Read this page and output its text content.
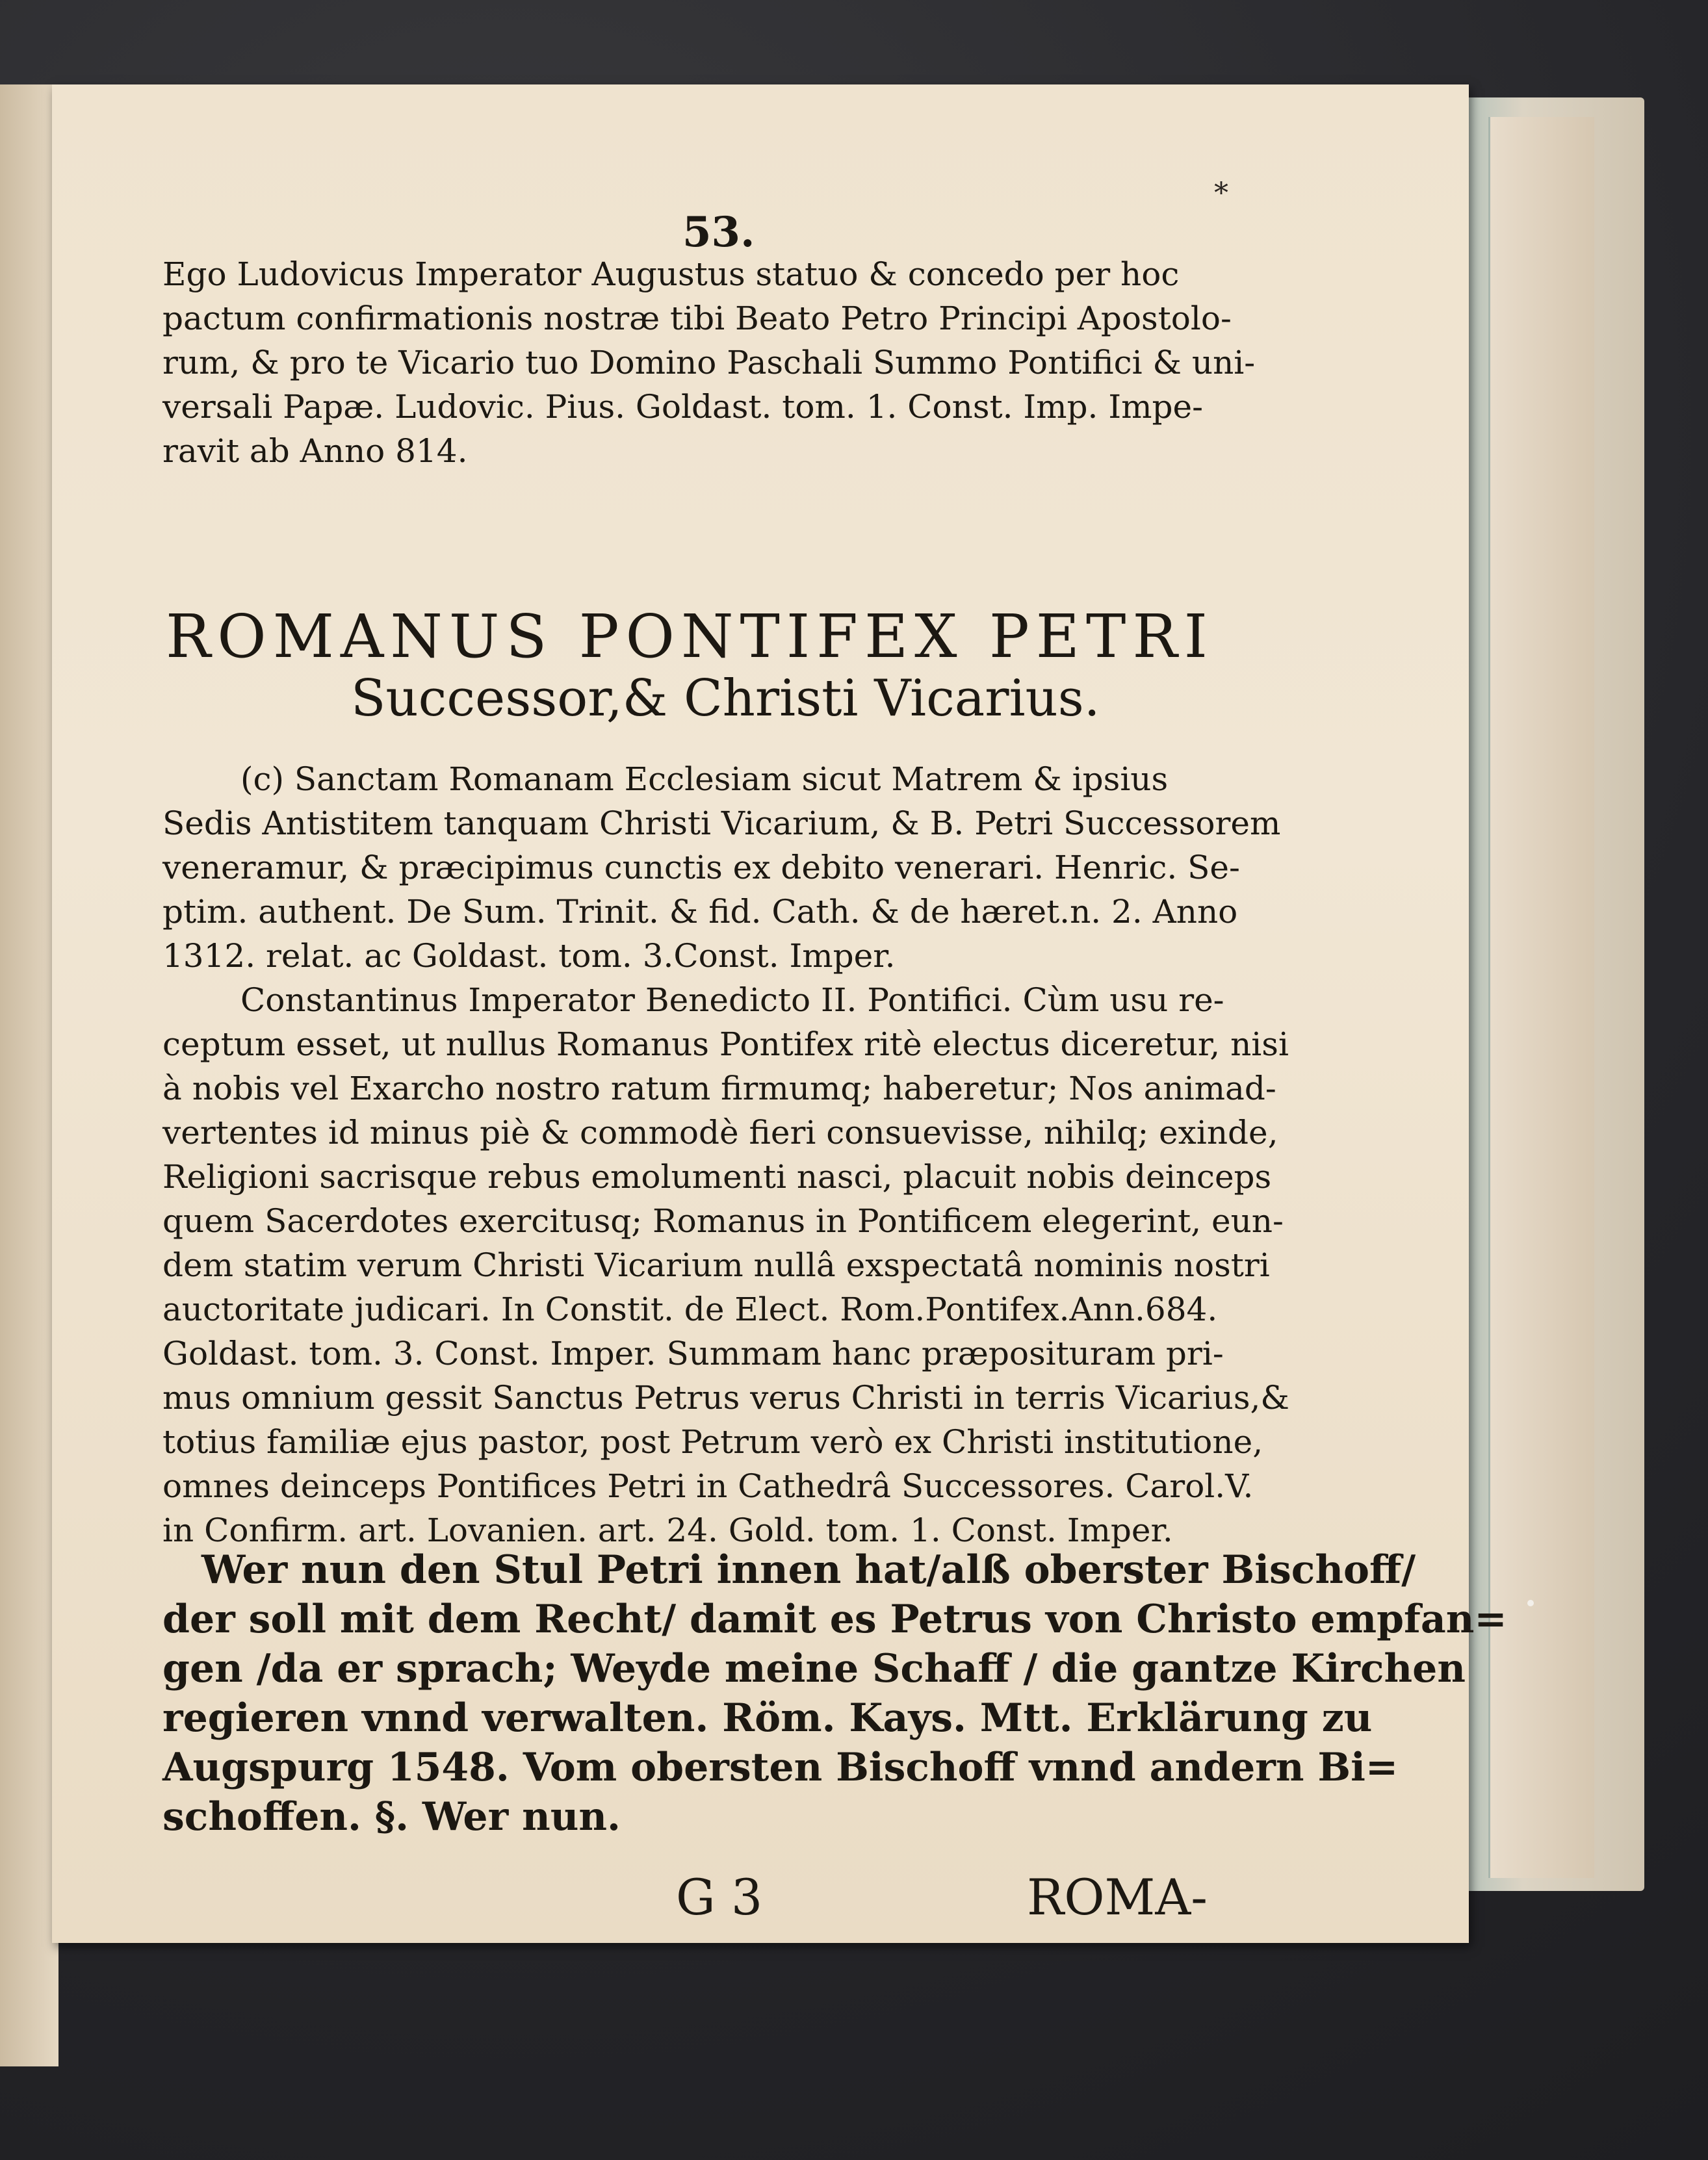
53.
*
Ego Ludovicus Imperator Augustus statuo & concedo per hoc
pactum confirmationis nostræ tibi Beato Petro Principi Apostolo-
rum, & pro te Vicario tuo Domino Paschali Summo Pontifici & uni-
versali Papæ. Ludovic. Pius. Goldast. tom. 1. Const. Imp. Impe-
ravit ab Anno 814.
ROMANUS PONTIFEX PETRI
Successor,& Christi Vicarius.
(c) Sanctam Romanam Ecclesiam sicut Matrem & ipsius
Sedis Antistitem tanquam Christi Vicarium, & B. Petri Successorem
veneramur, & præcipimus cunctis ex debito venerari. Henric. Se-
ptim. authent. De Sum. Trinit. & fid. Cath. & de hæret.n. 2. Anno
1312. relat. ac Goldast. tom. 3.Const. Imper.
Constantinus Imperator Benedicto II. Pontifici. Cùm usu re-
ceptum esset, ut nullus Romanus Pontifex ritè electus diceretur, nisi
à nobis vel Exarcho nostro ratum firmumq; haberetur; Nos animad-
vertentes id minus piè & commodè fieri consuevisse, nihilq; exinde,
Religioni sacrisque rebus emolumenti nasci, placuit nobis deinceps
quem Sacerdotes exercitusq; Romanus in Pontificem elegerint, eun-
dem statim verum Christi Vicarium nullâ exspectatâ nominis nostri
auctoritate judicari. In Constit. de Elect. Rom.Pontifex.Ann.684.
Goldast. tom. 3. Const. Imper. Summam hanc præposituram pri-
mus omnium gessit Sanctus Petrus verus Christi in terris Vicarius,&
totius familiæ ejus pastor, post Petrum verò ex Christi institutione,
omnes deinceps Pontifices Petri in Cathedrâ Successores. Carol.V.
in Confirm. art. Lovanien. art. 24. Gold. tom. 1. Const. Imper.
Wer nun den Stul Petri innen hat/alß oberster Bischoff/
der soll mit dem Recht/ damit es Petrus von Christo empfan=
gen /da er sprach; Weyde meine Schaff / die gantze Kirchen
regieren vnnd verwalten. Röm. Kays. Mtt. Erklärung zu
Augspurg 1548. Vom obersten Bischoff vnnd andern Bi=
schoffen. §. Wer nun.
G 3	ROMA-
